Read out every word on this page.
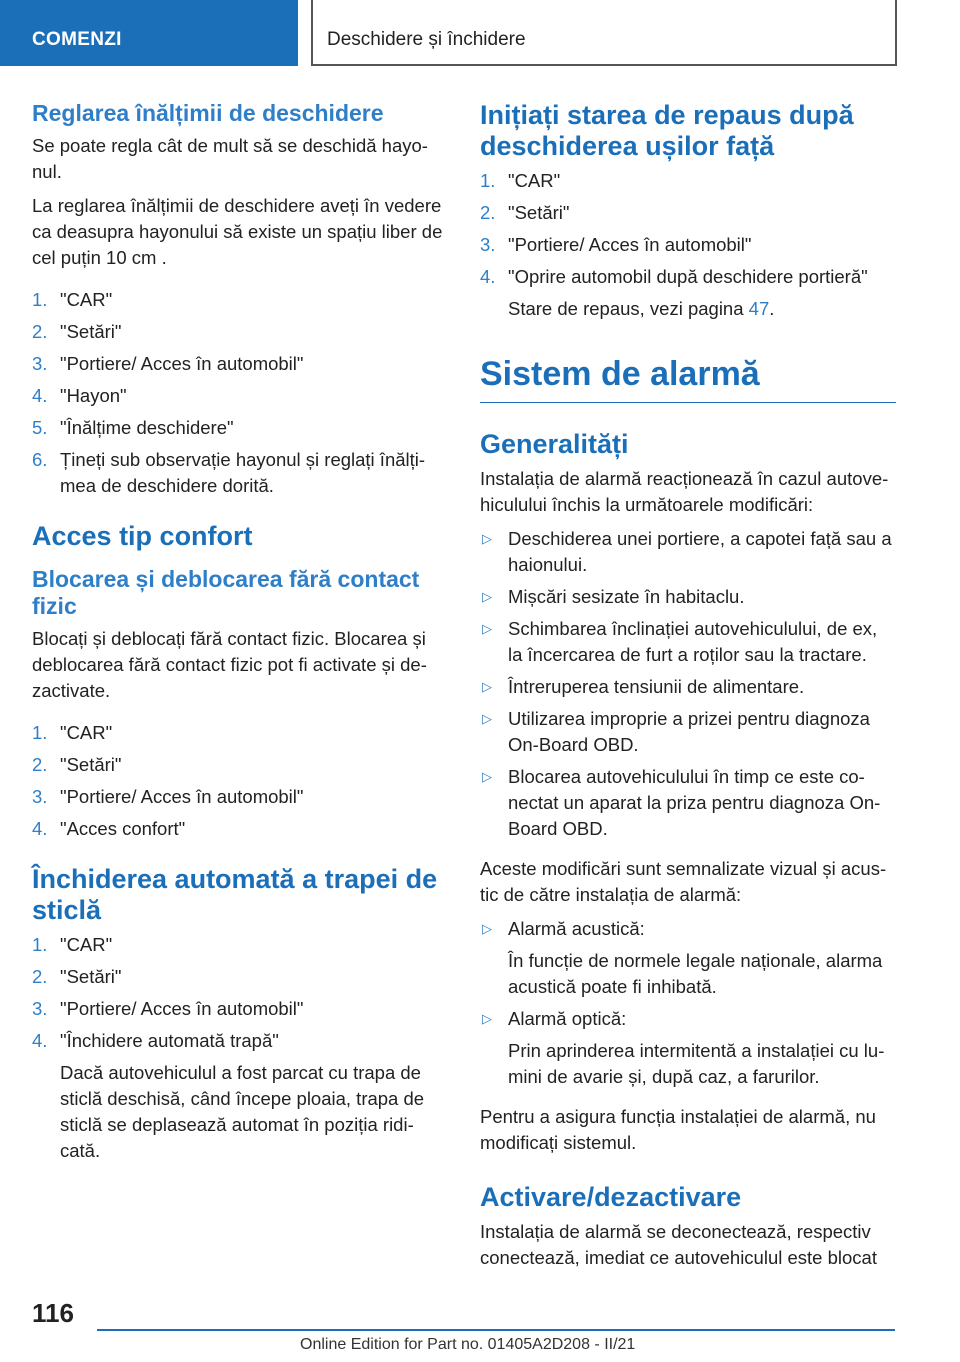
COMENZI	Deschidere și închidere
Reglarea înălțimii de deschidere
Se poate regla cât de mult să se deschidă hayo-nul.
La reglarea înălțimii de deschidere aveți în vedere ca deasupra hayonului să existe un spațiu liber de cel puțin 10 cm .
1. "CAR"
2. "Setări"
3. "Portiere/ Acces în automobil"
4. "Hayon"
5. "Înălțime deschidere"
6. Țineți sub observație hayonul și reglați înălți-mea de deschidere dorită.
Acces tip confort
Blocarea și deblocarea fără contact fizic
Blocați și deblocați fără contact fizic. Blocarea și deblocarea fără contact fizic pot fi activate și de-zactivate.
1. "CAR"
2. "Setări"
3. "Portiere/ Acces în automobil"
4. "Acces confort"
Închiderea automată a trapei de sticlă
1. "CAR"
2. "Setări"
3. "Portiere/ Acces în automobil"
4. "Închidere automată trapă"
Dacă autovehiculul a fost parcat cu trapa de sticlă deschisă, când începe ploaia, trapa de sticlă se deplasează automat în poziția ridi-cată.
Inițiați starea de repaus după deschiderea ușilor față
1. "CAR"
2. "Setări"
3. "Portiere/ Acces în automobil"
4. "Oprire automobil după deschidere portieră"
Stare de repaus, vezi pagina 47.
Sistem de alarmă
Generalități
Instalația de alarmă reacționează în cazul autove-hiculului închis la următoarele modificări:
▷ Deschiderea unei portiere, a capotei față sau a haionului.
▷ Mișcări sesizate în habitaclu.
▷ Schimbarea înclinației autovehiculului, de ex, la încercarea de furt a roților sau la tractare.
▷ Întreruperea tensiunii de alimentare.
▷ Utilizarea improprie a prizei pentru diagnoza On-Board OBD.
▷ Blocarea autovehiculului în timp ce este co-nectat un aparat la priza pentru diagnoza On-Board OBD.
Aceste modificări sunt semnalizate vizual și acus-tic de către instalația de alarmă:
▷ Alarmă acustică:
În funcție de normele legale naționale, alarma acustică poate fi inhibată.
▷ Alarmă optică:
Prin aprinderea intermitentă a instalației cu lu-mini de avarie și, după caz, a farurilor.
Pentru a asigura funcția instalației de alarmă, nu modificați sistemul.
Activare/dezactivare
Instalația de alarmă se deconectează, respectiv conectează, imediat ce autovehiculul este blocat
116
Online Edition for Part no. 01405A2D208 - II/21
